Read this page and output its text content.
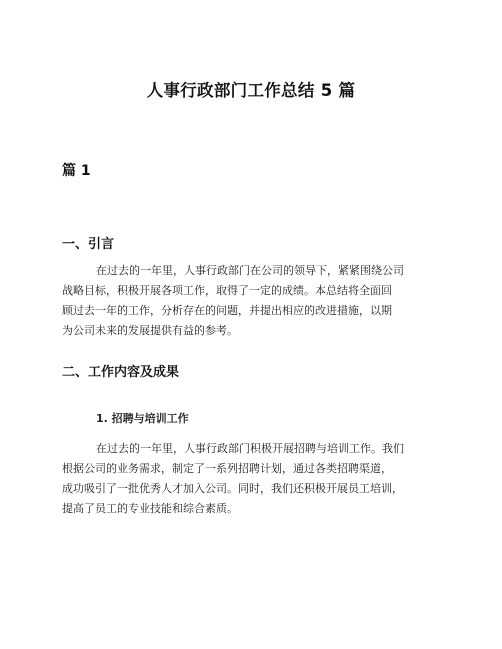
人事行政部门工作总结 5 篇
篇 1
一、引言

在过去的一年里，人事行政部门在公司的领导下，紧紧围绕公司
战略目标，积极开展各项工作，取得了一定的成绩。本总结将全面回
顾过去一年的工作，分析存在的问题，并提出相应的改进措施，以期
为公司未来的发展提供有益的参考。

二、工作内容及成果
1. 招聘与培训工作

在过去的一年里，人事行政部门积极开展招聘与培训工作。我们
根据公司的业务需求，制定了一系列招聘计划，通过各类招聘渠道，
成功吸引了一批优秀人才加入公司。同时，我们还积极开展员工培训，
提高了员工的专业技能和综合素质。
